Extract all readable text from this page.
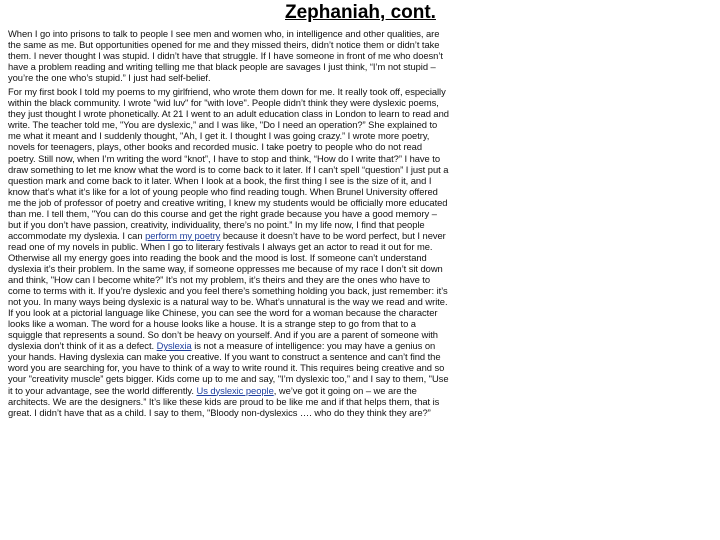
Zephaniah, cont.

When I go into prisons to talk to people I see men and women who, in intelligence and other qualities, are the same as me. But opportunities opened for me and they missed theirs, didn’t notice them or didn’t take them. I never thought I was stupid. I didn’t have that struggle. If I have someone in front of me who doesn’t have a problem reading and writing telling me that black people are savages I just think, “I’m not stupid – you’re the one who’s stupid.” I just had self-belief.

For my first book I told my poems to my girlfriend, who wrote them down for me. It really took off, especially within the black community. I wrote "wid luv" for "with love". People didn’t think they were dyslexic poems, they just thought I wrote phonetically. At 21 I went to an adult education class in London to learn to read and write. The teacher told me, "You are dyslexic,” and I was like, "Do I need an operation?” She explained to me what it meant and I suddenly thought, "Ah, I get it. I thought I was going crazy.” I wrote more poetry, novels for teenagers, plays, other books and recorded music. I take poetry to people who do not read poetry. Still now, when I’m writing the word “knot”, I have to stop and think, “How do I write that?” I have to draw something to let me know what the word is to come back to it later. If I can’t spell “question” I just put a question mark and come back to it later. When I look at a book, the first thing I see is the size of it, and I know that’s what it’s like for a lot of young people who find reading tough. When Brunel University offered me the job of professor of poetry and creative writing, I knew my students would be officially more educated than me. I tell them, "You can do this course and get the right grade because you have a good memory – but if you don’t have passion, creativity, individuality, there’s no point.” In my life now, I find that people accommodate my dyslexia. I can perform my poetry because it doesn’t have to be word perfect, but I never read one of my novels in public. When I go to literary festivals I always get an actor to read it out for me. Otherwise all my energy goes into reading the book and the mood is lost. If someone can’t understand dyslexia it’s their problem. In the same way, if someone oppresses me because of my race I don’t sit down and think, "How can I become white?” It’s not my problem, it’s theirs and they are the ones who have to come to terms with it. If you’re dyslexic and you feel there’s something holding you back, just remember: it’s not you. In many ways being dyslexic is a natural way to be. What’s unnatural is the way we read and write. If you look at a pictorial language like Chinese, you can see the word for a woman because the character looks like a woman. The word for a house looks like a house. It is a strange step to go from that to a squiggle that represents a sound. So don’t be heavy on yourself. And if you are a parent of someone with dyslexia don’t think of it as a defect. Dyslexia is not a measure of intelligence: you may have a genius on your hands. Having dyslexia can make you creative. If you want to construct a sentence and can’t find the word you are searching for, you have to think of a way to write round it. This requires being creative and so your "creativity muscle” gets bigger. Kids come up to me and say, "I’m dyslexic too,” and I say to them, "Use it to your advantage, see the world differently. Us dyslexic people, we’ve got it going on – we are the architects. We are the designers.” It’s like these kids are proud to be like me and if that helps them, that is great. I didn’t have that as a child. I say to them, "Bloody non-dyslexics …. who do they think they are?”
